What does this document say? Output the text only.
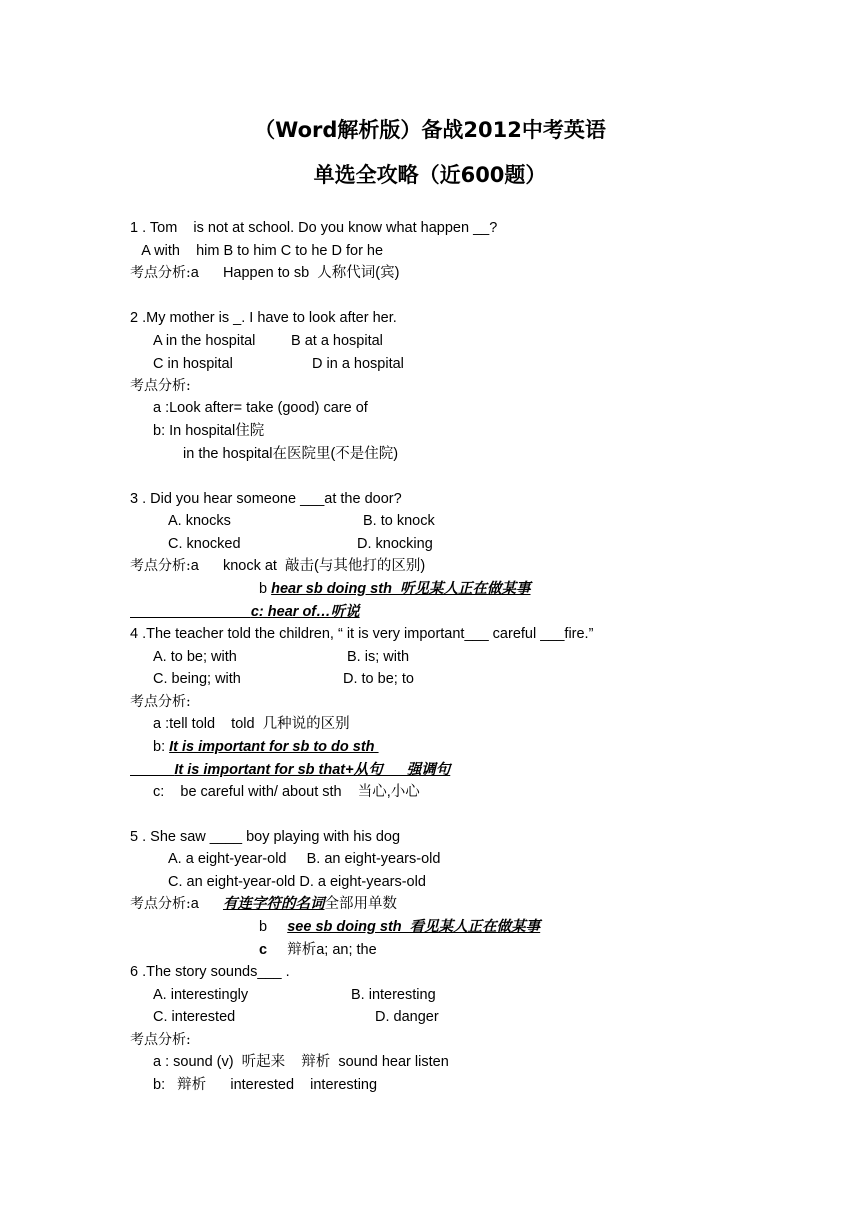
（Word解析版）备战2012中考英语
单选全攻略（近600题）
1 . Tom    is not at school. Do you know what happen __?
A with    him B to him C to he D for he
考点分析:a      Happen to sb  人称代词(宾)
2 .My mother is _. I have to look after her.
A in the hospital B at a hospital
C in hospital	D in a hospital
考点分析:
a :Look after= take (good) care of
b: In hospital住院
in the hospital在医院里(不是住院)
3 . Did you hear someone ___at the door?
A. knocks	B. to knock
C. knocked	D. knocking
考点分析:a      knock at  敲击(与其他打的区别)
b hear sb doing sth  听见某人正在做某事
c: hear of…听说
4 .The teacher told the children, “ it is very important___ careful ___fire.”
A. to be; with	B. is; with
C. being; with	D. to be; to
考点分析:
a :tell told    told  几种说的区别
b: It is important for sb to do sth
It is important for sb that+从句      强调句
c:    be careful with/ about sth    当心,小心
5 . She saw ____ boy playing with his dog
A. a eight-year-old     B. an eight-years-old
C. an eight-year-old D. a eight-years-old
考点分析:a      有连字符的名词全部用单数
b     see sb doing sth  看见某人正在做某事
c     辩析a; an; the
6 .The story sounds___ .
A. interestingly	B. interesting
C. interested	D. danger
考点分析:
a : sound (v)  听起来    辩析  sound hear listen
b:   辩析      interested    interesting
